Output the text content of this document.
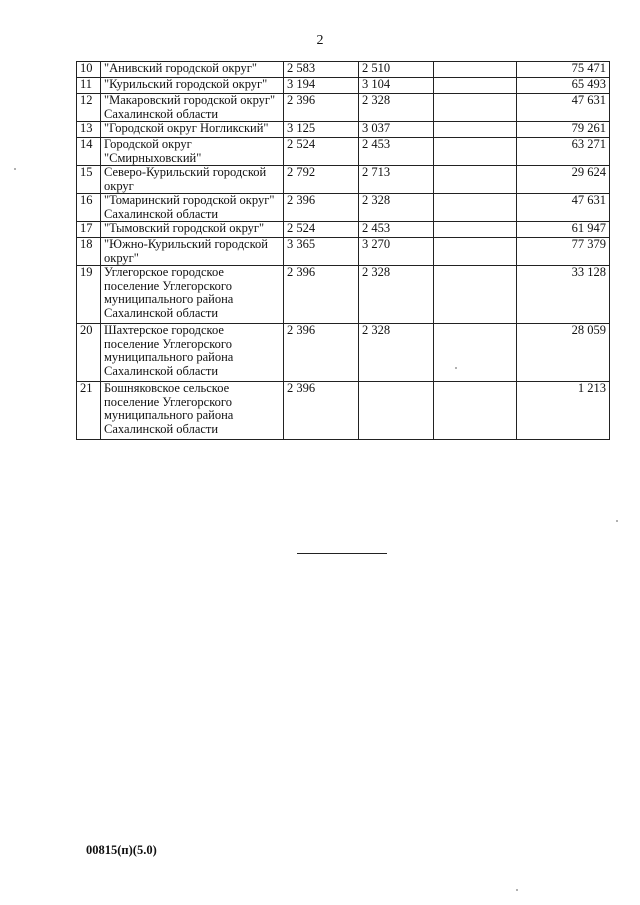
2
10	"Анивский городской округ"	2 583	2 510		75 471
11	"Курильский городской округ"	3 194	3 104		65 493
12	"Макаровский городской округ" Сахалинской области	2 396	2 328		47 631
13	"Городской округ Ногликский"	3 125	3 037		79 261
14	Городской округ "Смирныховский"	2 524	2 453		63 271
15	Северо-Курильский городской округ	2 792	2 713		29 624
16	"Томаринский городской округ" Сахалинской области	2 396	2 328		47 631
17	"Тымовский городской округ"	2 524	2 453		61 947
18	"Южно-Курильский городской округ"	3 365	3 270		77 379
19	Углегорское городское поселение Углегорского муниципального района Сахалинской области	2 396	2 328		33 128
20	Шахтерское городское поселение Углегорского муниципального района Сахалинской области	2 396	2 328		28 059
21	Бошняковское сельское поселение Углегорского муниципального района Сахалинской области	2 396			1 213
00815(п)(5.0)
